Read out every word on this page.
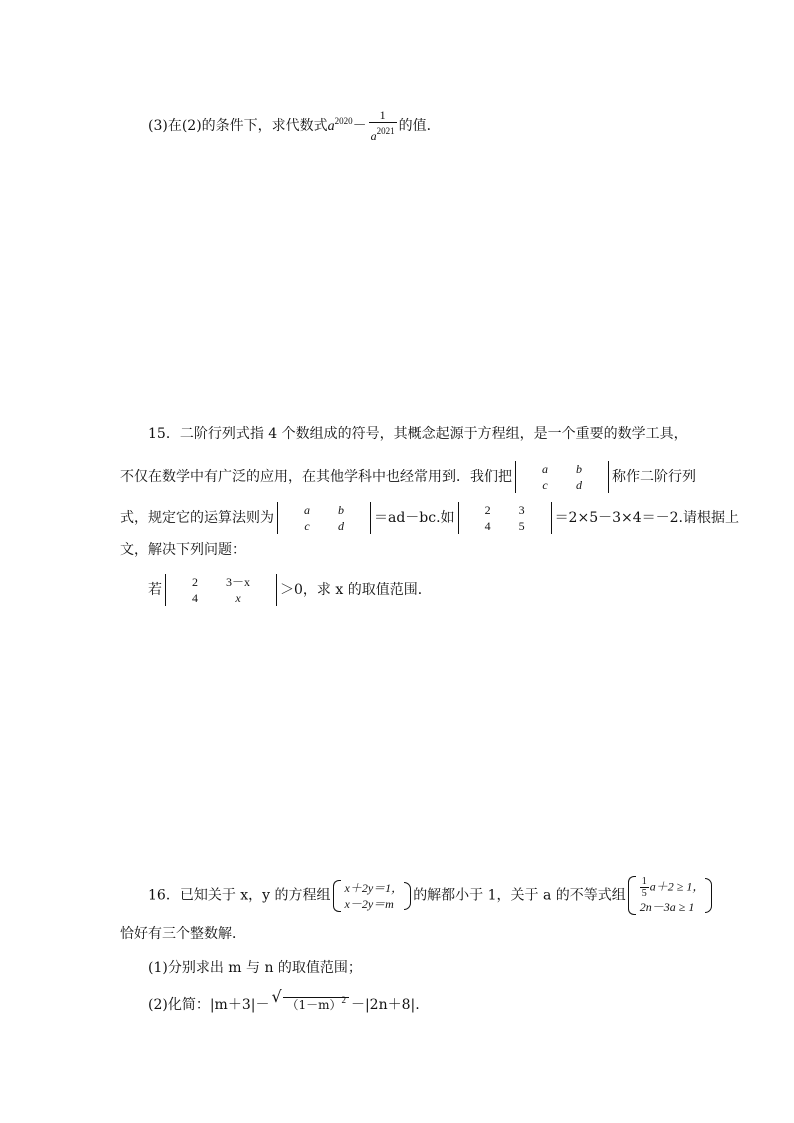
(3)在(2)的条件下，求代数式$a^{2020}- \frac{1}{a^{2021}}$ 的值．
15．二阶行列式指 4 个数组成的符号，其概念起源于方程组，是一个重要的数学工具，
不仅在数学中有广泛的应用，在其他学科中也经常用到．我们把	a	b
c	d 称作二阶行列
式，规定它的运算法则为	a	b
c	d ＝ad－bc.如	2	3
4	5 ＝2×5－3×4＝－2.请根据上
文，解决下列问题：
若	2	3－x
4	x	＞0，求 x 的取值范围．
16．已知关于 x，y 的方程组 x＋2y＝1，
x－2y＝m	的解都小于 1，关于 a 的不等式组 $\frac{1}{5} a+2 \ge 1$，
2n－3a ≥ 1
恰好有三个整数解．
(1)分别求出 m 与 n 的取值范围；
(2)化简：|m＋3|－ √ $(1-m)^2 -|2n+8|$.
